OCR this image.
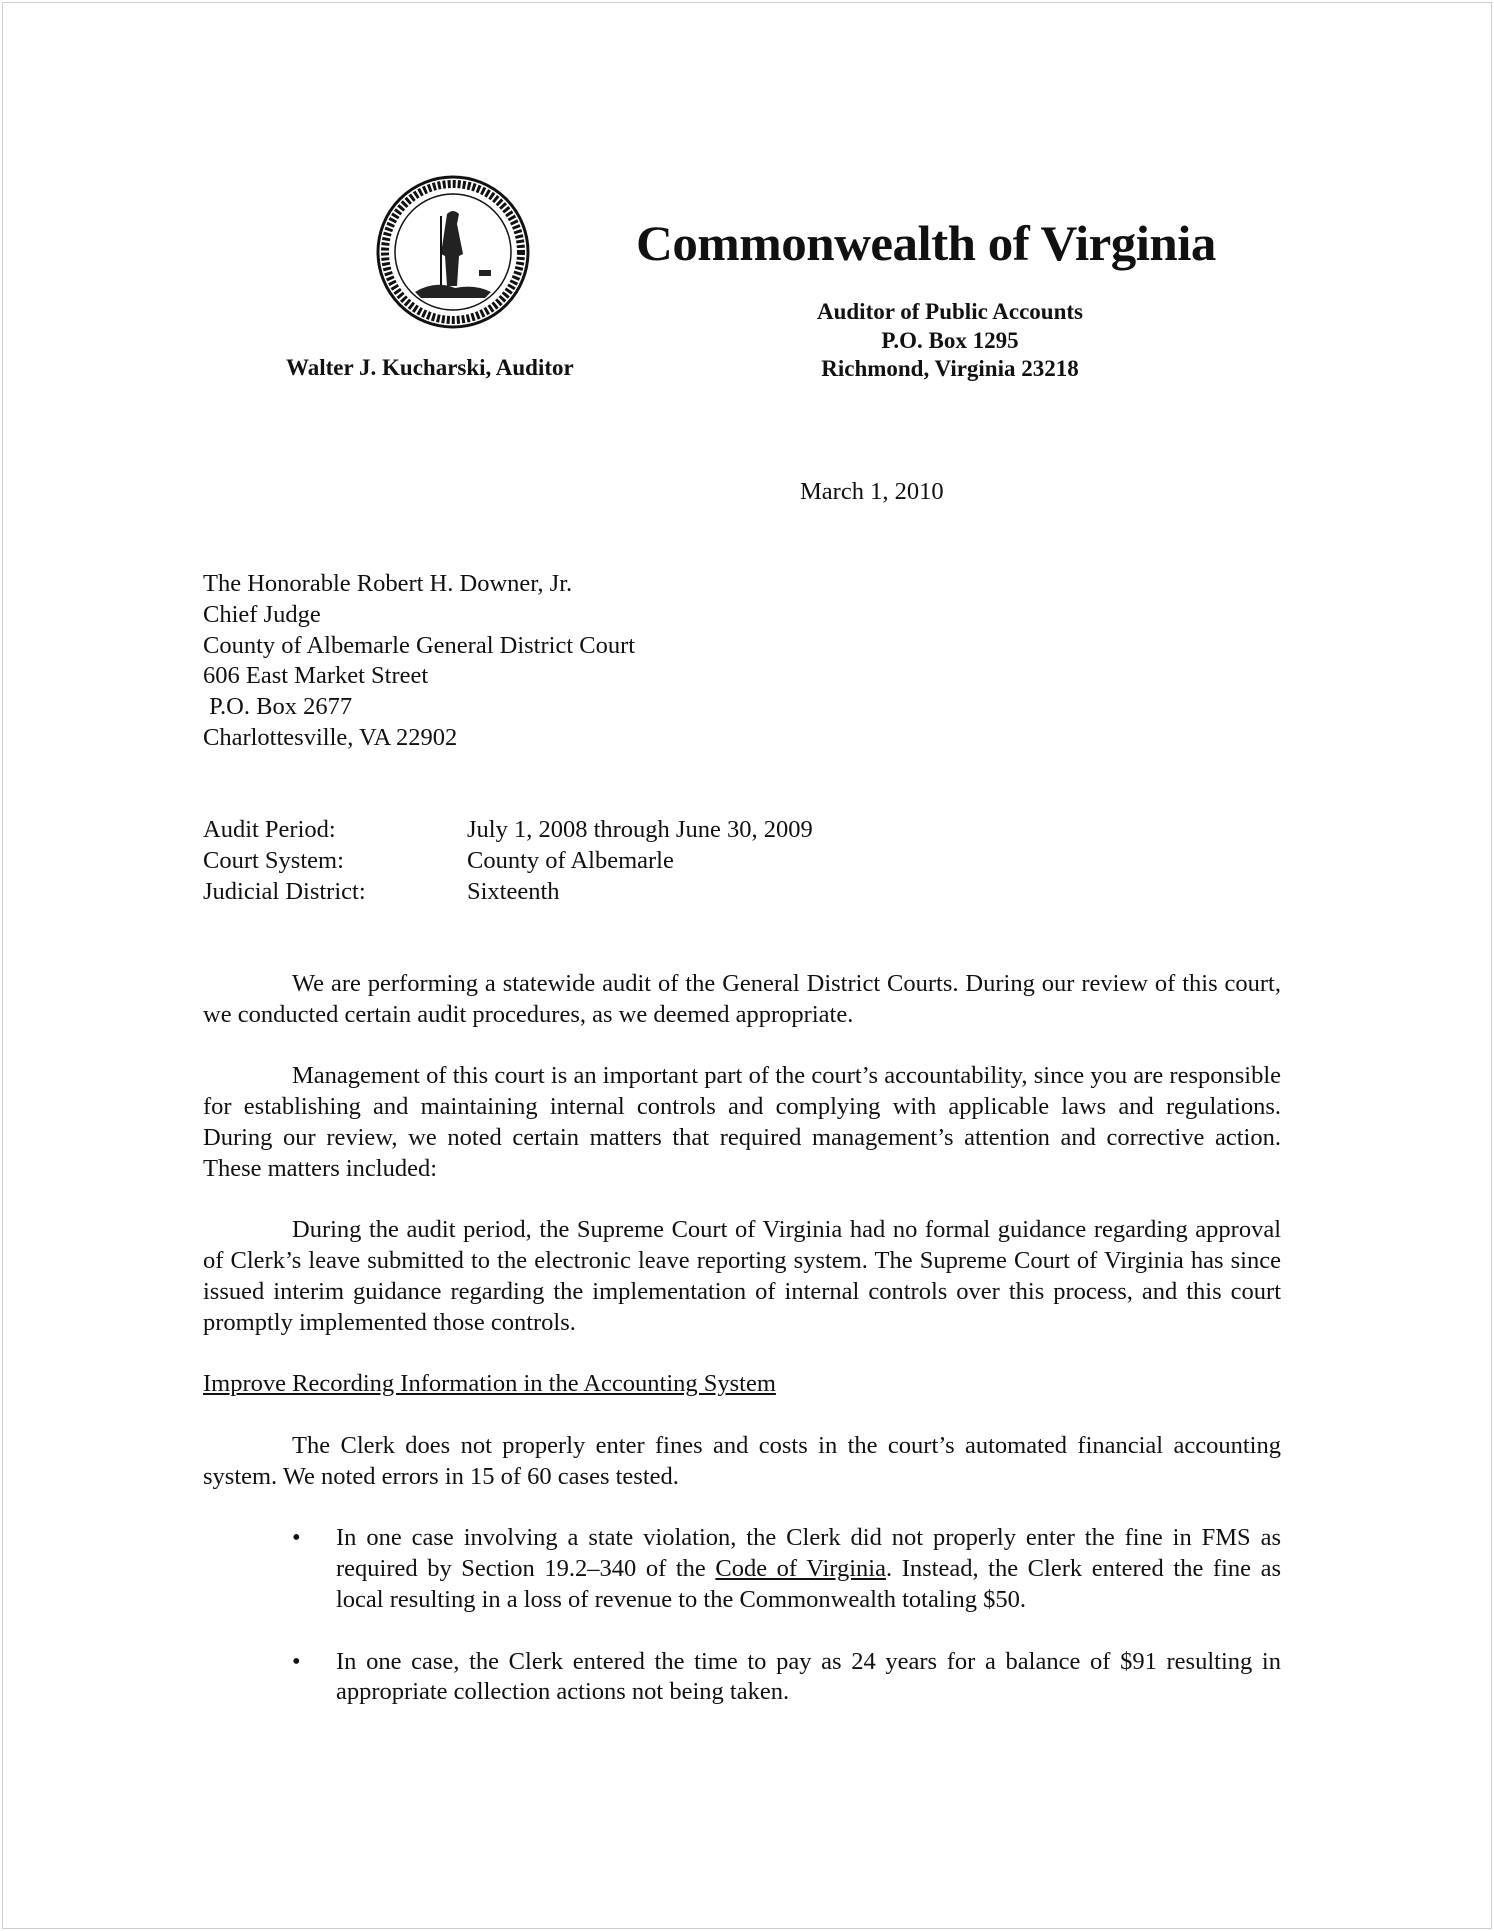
Commonwealth of Virginia
Auditor of Public Accounts
P.O. Box 1295
Richmond, Virginia 23218
Walter J. Kucharski, Auditor
March 1, 2010
The Honorable Robert H. Downer, Jr.
Chief Judge
County of Albemarle General District Court
606 East Market Street
P.O. Box 2677
Charlottesville, VA 22902
Audit Period:	July 1, 2008 through June 30, 2009
Court System:	County of Albemarle
Judicial District:	Sixteenth

We are performing a statewide audit of the General District Courts. During our review of this court, we conducted certain audit procedures, as we deemed appropriate.

Management of this court is an important part of the court’s accountability, since you are responsible for establishing and maintaining internal controls and complying with applicable laws and regulations. During our review, we noted certain matters that required management’s attention and corrective action. These matters included:

During the audit period, the Supreme Court of Virginia had no formal guidance regarding approval of Clerk’s leave submitted to the electronic leave reporting system. The Supreme Court of Virginia has since issued interim guidance regarding the implementation of internal controls over this process, and this court promptly implemented those controls.

Improve Recording Information in the Accounting System

The Clerk does not properly enter fines and costs in the court’s automated financial accounting system. We noted errors in 15 of 60 cases tested.

• In one case involving a state violation, the Clerk did not properly enter the fine in FMS as required by Section 19.2–340 of the Code of Virginia. Instead, the Clerk entered the fine as local resulting in a loss of revenue to the Commonwealth totaling $50.
• In one case, the Clerk entered the time to pay as 24 years for a balance of $91 resulting in appropriate collection actions not being taken.
